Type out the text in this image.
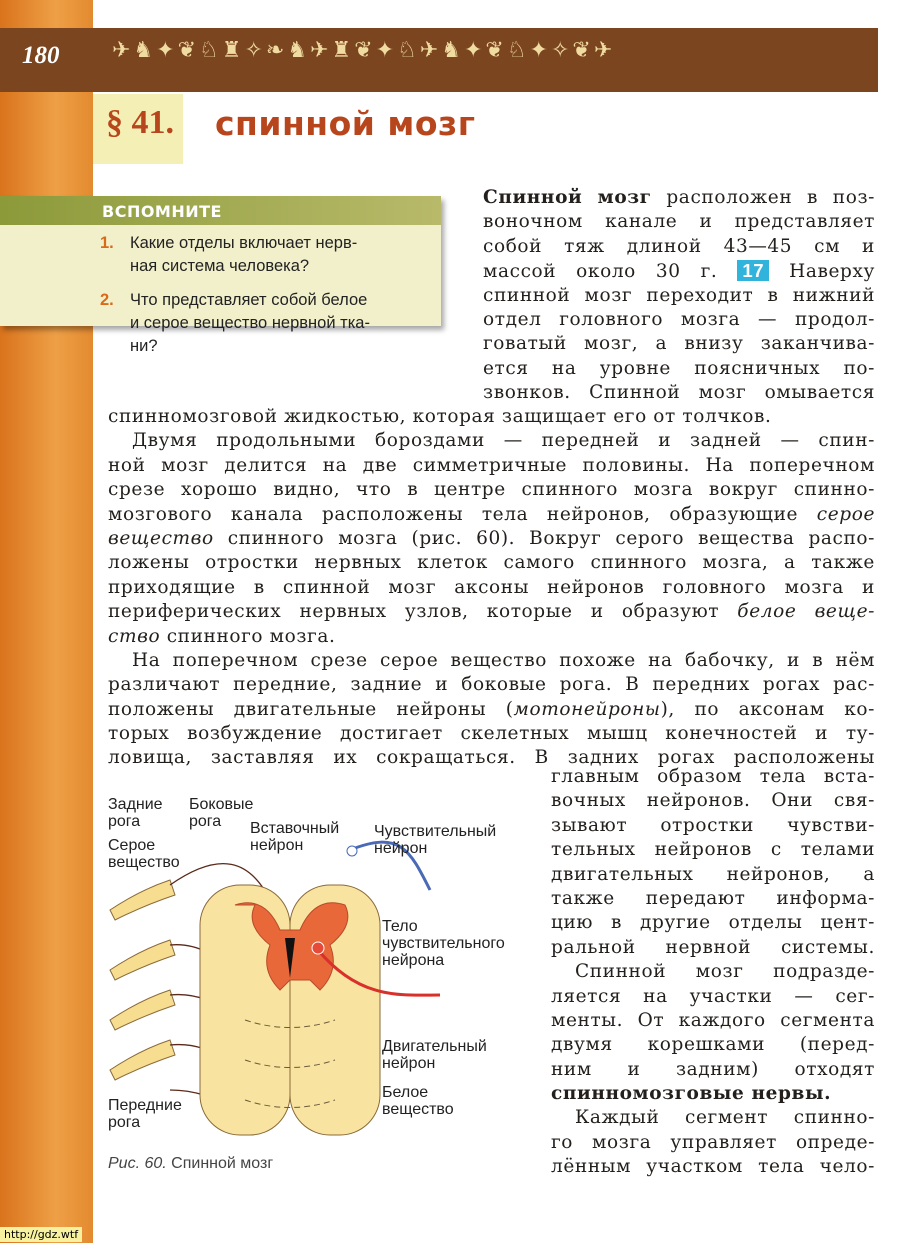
180 ✈♞✦❦♘♜✧❧♞✈♜❦✦♘✈♞✦❦♘✦✧❦✈
§ 41. спинной мозг
ВСПОМНИТЕ
1. Какие отделы включает нерв-
ная система человека?
2. Что представляет собой белое
и серое вещество нервной тка-
ни?
Спинной мозг расположен в поз-
воночном канале и представляет
собой тяж длиной 43—45 см и
массой около 30 г. 17 Наверху
спинной мозг переходит в нижний
отдел головного мозга — продол-
говатый мозг, а внизу заканчива-
ется на уровне поясничных по-
звонков. Спинной мозг омывается
спинномозговой жидкостью, которая защищает его от толчков.
Двумя продольными бороздами — передней и задней — спин-
ной мозг делится на две симметричные половины. На поперечном
срезе хорошо видно, что в центре спинного мозга вокруг спинно-
мозгового канала расположены тела нейронов, образующие серое
вещество спинного мозга (рис. 60). Вокруг серого вещества распо-
ложены отростки нервных клеток самого спинного мозга, а также
приходящие в спинной мозг аксоны нейронов головного мозга и
периферических нервных узлов, которые и образуют белое веще-
ство спинного мозга.
На поперечном срезе серое вещество похоже на бабочку, и в нём
различают передние, задние и боковые рога. В передних рогах рас-
положены двигательные нейроны (мотонейроны), по аксонам ко-
торых возбуждение достигает скелетных мышц конечностей и ту-
ловища, заставляя их сокращаться. В задних рогах расположены
главным образом тела вста-
вочных нейронов. Они свя-
зывают отростки чувстви-
тельных нейронов с телами
двигательных нейронов, а
также передают информа-
цию в другие отделы цент-
ральной нервной системы.
Спинной мозг подразде-
ляется на участки — сег-
менты. От каждого сегмента
двумя корешками (перед-
ним и задним) отходят
спинномозговые нервы.
Каждый сегмент спинно-
го мозга управляет опреде-
лённым участком тела чело-
Задние
рога
Боковые
рога
Серое
вещество
Вставочный
нейрон
Чувствительный
нейрон
Тело
чувствительного
нейрона
Двигательный
нейрон
Белое
вещество
Передние
рога
Рис. 60. Спинной мозг
http://gdz.wtf
